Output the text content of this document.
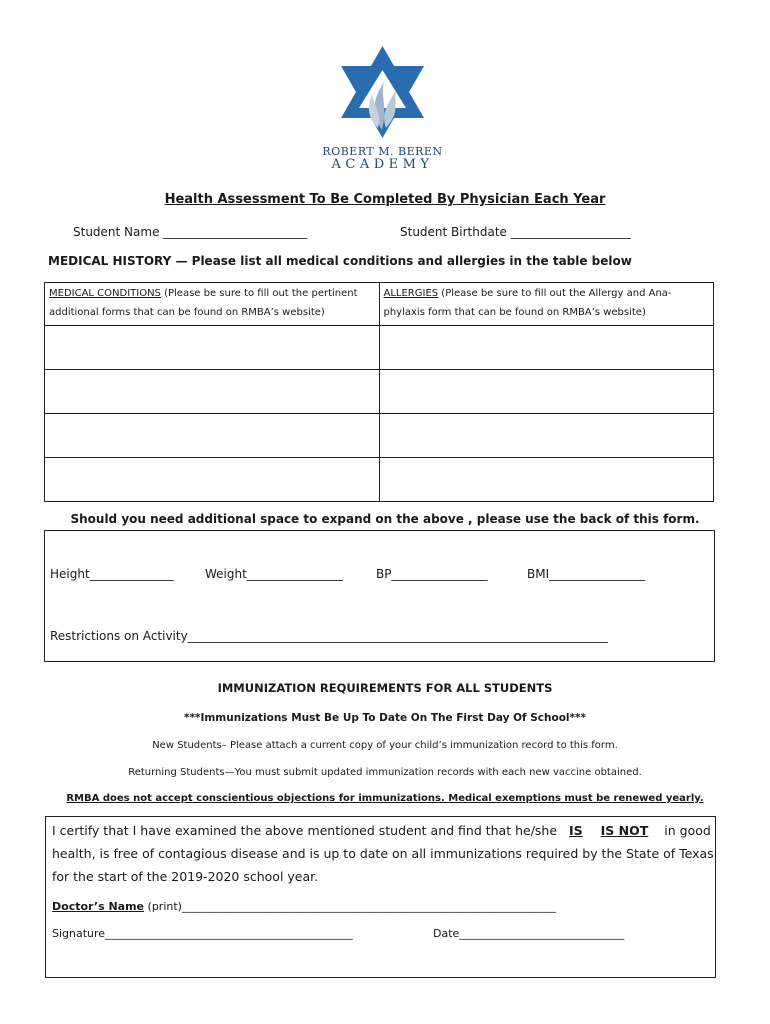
ROBERT M. BEREN
ACADEMY
Health Assessment To Be Completed By Physician Each Year
Student Name ________________________	Student Birthdate ____________________
MEDICAL HISTORY — Please list all medical conditions and allergies in the table below
MEDICAL CONDITIONS (Please be sure to fill out the pertinent additional forms that can be found on RMBA’s website)	ALLERGIES (Please be sure to fill out the Allergy and Ana-phylaxis form that can be found on RMBA’s website)

Should you need additional space to expand on the above , please use the back of this form.
Height______________	Weight________________	BP________________	BMI________________
Restrictions on Activity______________________________________________________________________
IMMUNIZATION REQUIREMENTS FOR ALL STUDENTS
***Immunizations Must Be Up To Date On The First Day Of School***
New Students– Please attach a current copy of your child’s immunization record to this form.
Returning Students—You must submit updated immunization records with each new vaccine obtained.
RMBA does not accept conscientious objections for immunizations. Medical exemptions must be renewed yearly.
I certify that I have examined the above mentioned student and find that he/she IS IS NOT in good
health, is free of contagious disease and is up to date on all immunizations required by the State of Texas
for the start of the 2019-2020 school year.
Doctor’s Name (print)____________________________________________________________________
Signature_____________________________________________	Date______________________________
